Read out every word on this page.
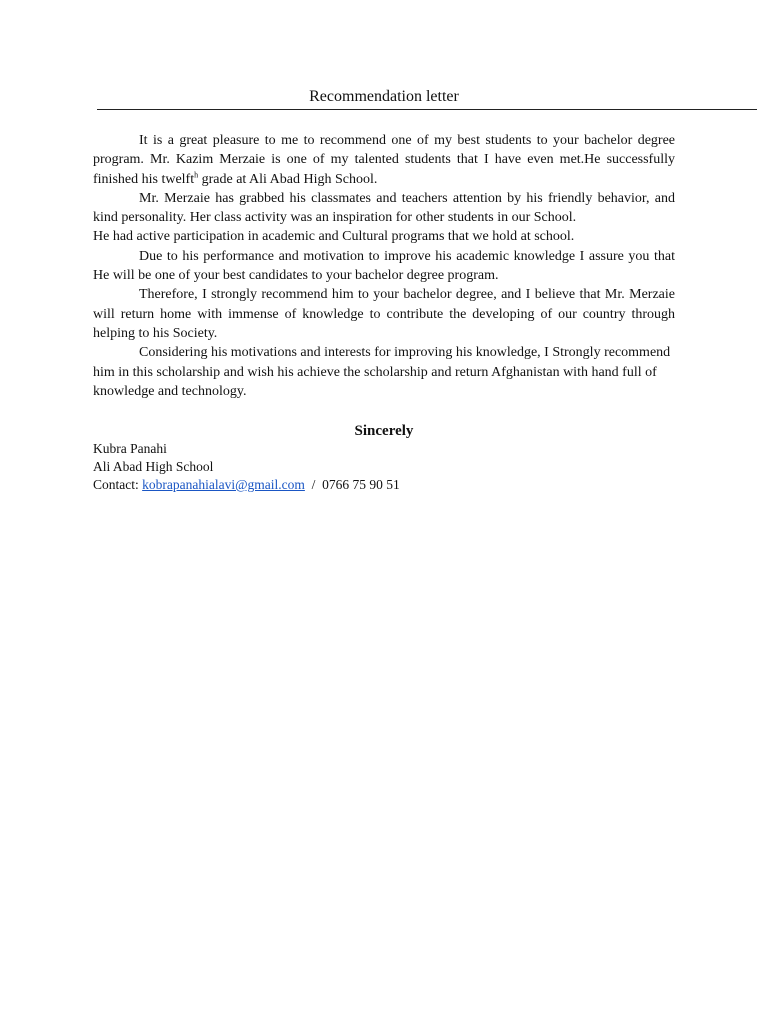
Recommendation letter

It is a great pleasure to me to recommend one of my best students to your bachelor degree program. Mr. Kazim Merzaie is one of my talented students that I have even met.He successfully finished his twelft$^h$ grade at Ali Abad High School.

Mr. Merzaie has grabbed his classmates and teachers attention by his friendly behavior, and kind personality. Her class activity was an inspiration for other students in our School.

He had active participation in academic and Cultural programs that we hold at school.

Due to his performance and motivation to improve his academic knowledge I assure you that He will be one of your best candidates to your bachelor degree program.

Therefore, I strongly recommend him to your bachelor degree, and I believe that Mr. Merzaie will return home with immense of knowledge to contribute the developing of our country through helping to his Society.

Considering his motivations and interests for improving his knowledge, I Strongly recommend him in this scholarship and wish his achieve the scholarship and return Afghanistan with hand full of knowledge and technology.

Sincerely
Kubra Panahi
Ali Abad High School
Contact: kobrapanahialavi@gmail.com  /  0766 75 90 51
